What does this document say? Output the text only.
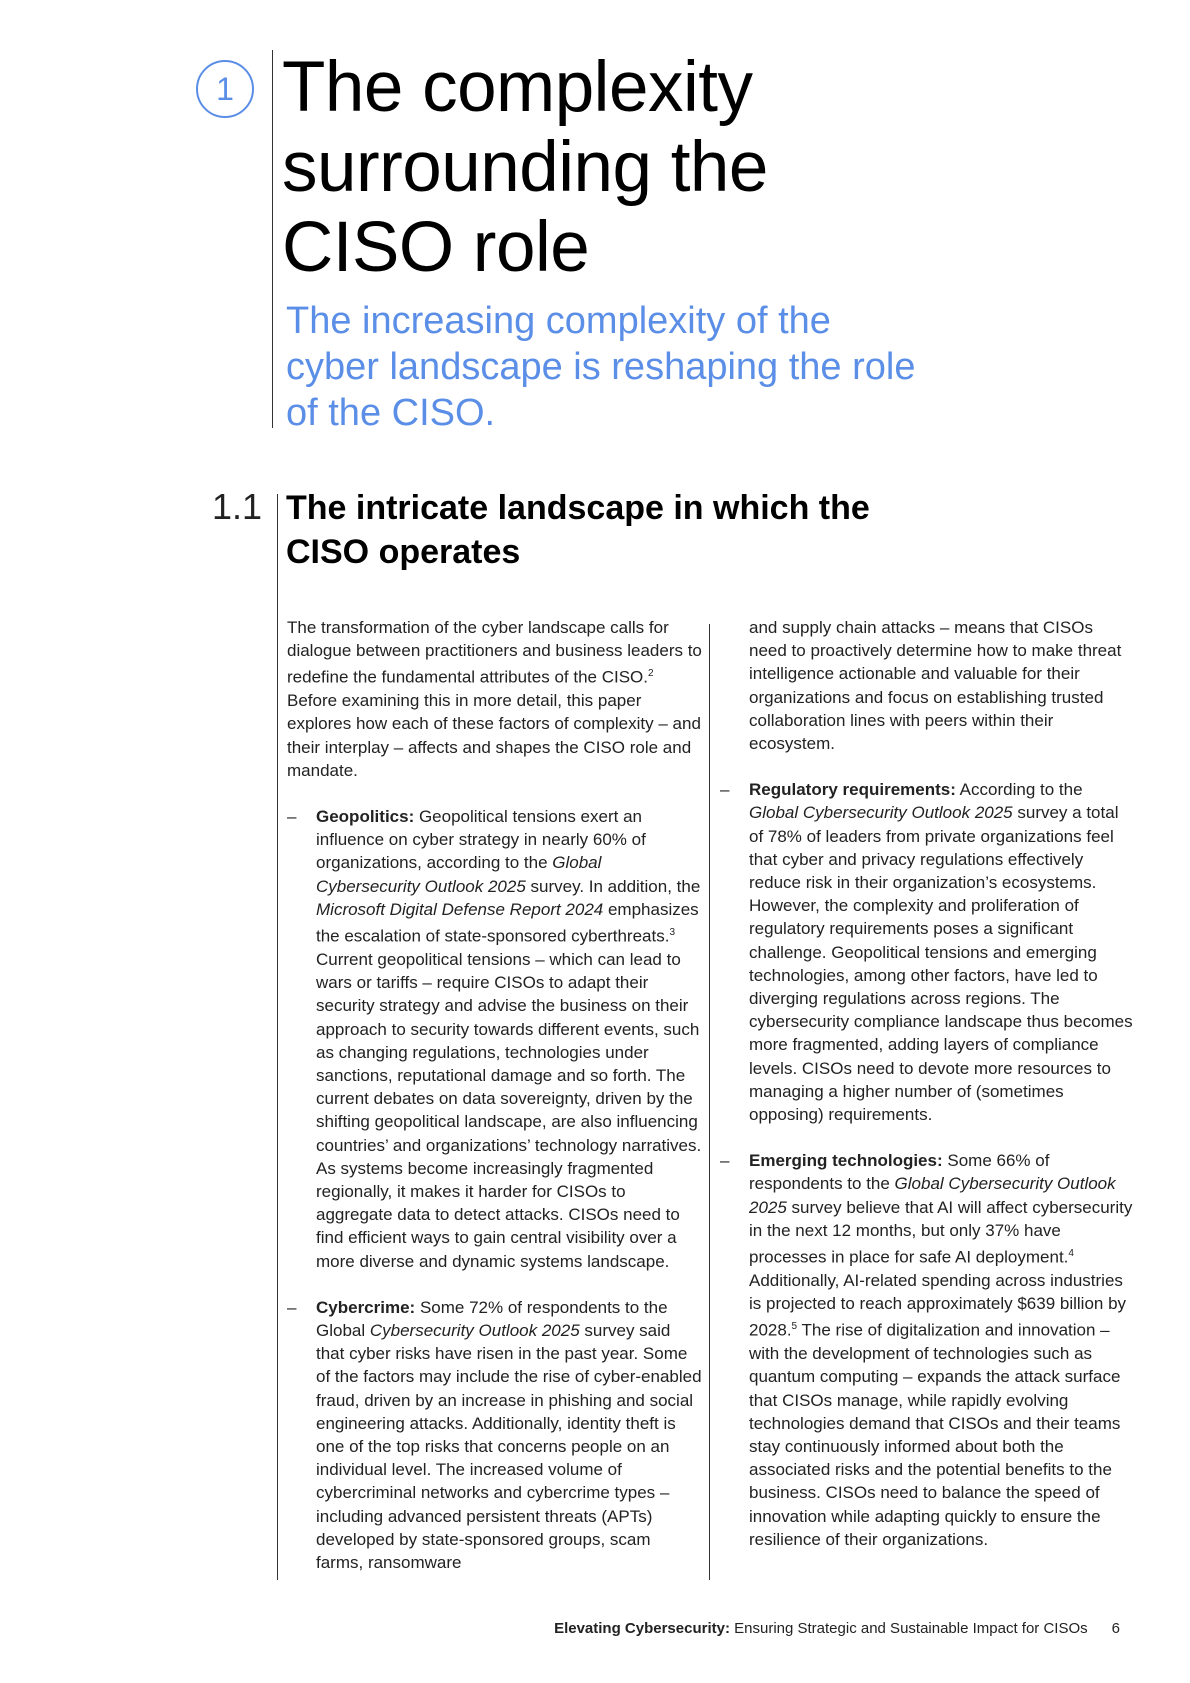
1 The complexity surrounding the CISO role
The increasing complexity of the cyber landscape is reshaping the role of the CISO.
1.1 The intricate landscape in which the CISO operates

The transformation of the cyber landscape calls for dialogue between practitioners and business leaders to redefine the fundamental attributes of the CISO.$^2$ Before examining this in more detail, this paper explores how each of these factors of complexity – and their interplay – affects and shapes the CISO role and mandate.

– Geopolitics: Geopolitical tensions exert an influence on cyber strategy in nearly 60% of organizations, according to the Global Cybersecurity Outlook 2025 survey. In addition, the Microsoft Digital Defense Report 2024 emphasizes the escalation of state-sponsored cyberthreats.$^3$ Current geopolitical tensions – which can lead to wars or tariffs – require CISOs to adapt their security strategy and advise the business on their approach to security towards different events, such as changing regulations, technologies under sanctions, reputational damage and so forth. The current debates on data sovereignty, driven by the shifting geopolitical landscape, are also influencing countries’ and organizations’ technology narratives. As systems become increasingly fragmented regionally, it makes it harder for CISOs to aggregate data to detect attacks. CISOs need to find efficient ways to gain central visibility over a more diverse and dynamic systems landscape.
– Cybercrime: Some 72% of respondents to the Global Cybersecurity Outlook 2025 survey said that cyber risks have risen in the past year. Some of the factors may include the rise of cyber-enabled fraud, driven by an increase in phishing and social engineering attacks. Additionally, identity theft is one of the top risks that concerns people on an individual level. The increased volume of cybercriminal networks and cybercrime types – including advanced persistent threats (APTs) developed by state-sponsored groups, scam farms, ransomware

and supply chain attacks – means that CISOs need to proactively determine how to make threat intelligence actionable and valuable for their organizations and focus on establishing trusted collaboration lines with peers within their ecosystem.

– Regulatory requirements: According to the Global Cybersecurity Outlook 2025 survey a total of 78% of leaders from private organizations feel that cyber and privacy regulations effectively reduce risk in their organization’s ecosystems. However, the complexity and proliferation of regulatory requirements poses a significant challenge. Geopolitical tensions and emerging technologies, among other factors, have led to diverging regulations across regions. The cybersecurity compliance landscape thus becomes more fragmented, adding layers of compliance levels. CISOs need to devote more resources to managing a higher number of (sometimes opposing) requirements.
– Emerging technologies: Some 66% of respondents to the Global Cybersecurity Outlook 2025 survey believe that AI will affect cybersecurity in the next 12 months, but only 37% have processes in place for safe AI deployment.$^4$ Additionally, AI-related spending across industries is projected to reach approximately $639 billion by 2028.$^5$ The rise of digitalization and innovation – with the development of technologies such as quantum computing – expands the attack surface that CISOs manage, while rapidly evolving technologies demand that CISOs and their teams stay continuously informed about both the associated risks and the potential benefits to the business. CISOs need to balance the speed of innovation while adapting quickly to ensure the resilience of their organizations.
Elevating Cybersecurity: Ensuring Strategic and Sustainable Impact for CISOs 6
